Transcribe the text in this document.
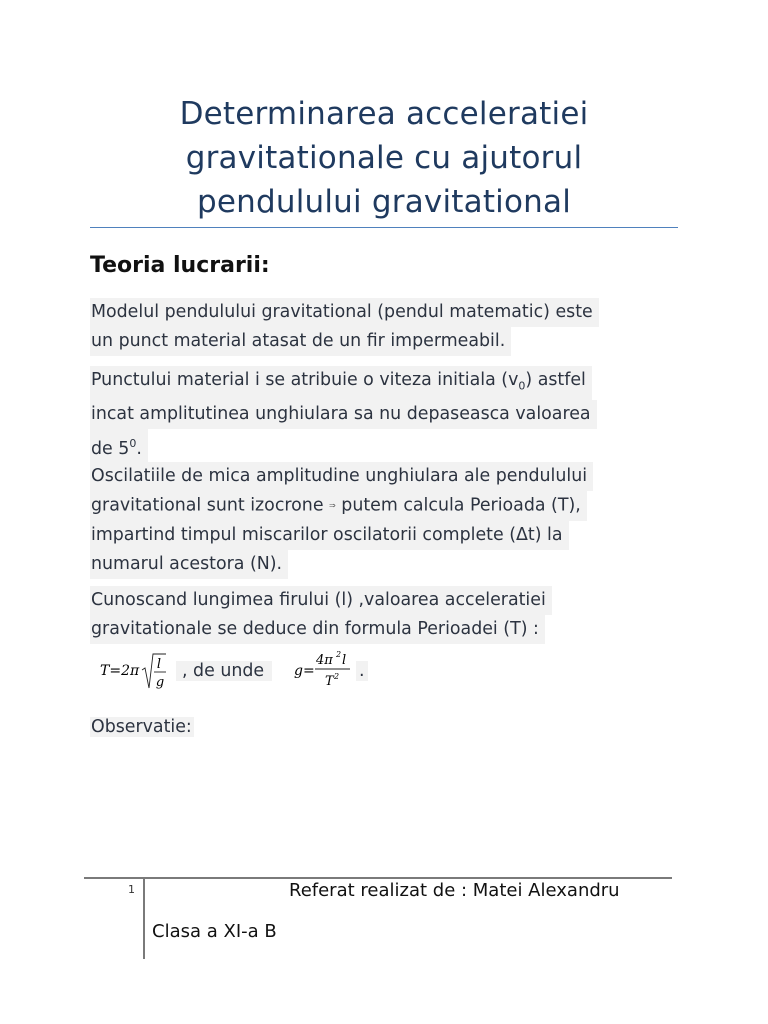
Determinarea acceleratiei
gravitationale cu ajutorul
pendulului gravitational
Teoria lucrarii:
Modelul pendulului gravitational (pendul matematic) este
un punct material atasat de un fir impermeabil.
Punctului material i se atribuie o viteza initiala $(v_0)$ astfel
incat amplitutinea unghiulara sa nu depaseasca valoarea
de $5^0$.
Oscilatiile de mica amplitudine unghiulara ale pendulului
gravitational sunt izocrone ⇒ putem calcula Perioada (T),
impartind timpul miscarilor oscilatorii complete (Δt) la
numarul acestora (N).
Cunoscand lungimea firului (l) ,valoarea acceleratiei
gravitationale se deduce din formula Perioadei (T) :
T=2π l
g
, de unde	g=
4π 2 l
T 2 .
Observatie:
1	Referat realizat de : Matei Alexandru
Clasa a XI-a B
